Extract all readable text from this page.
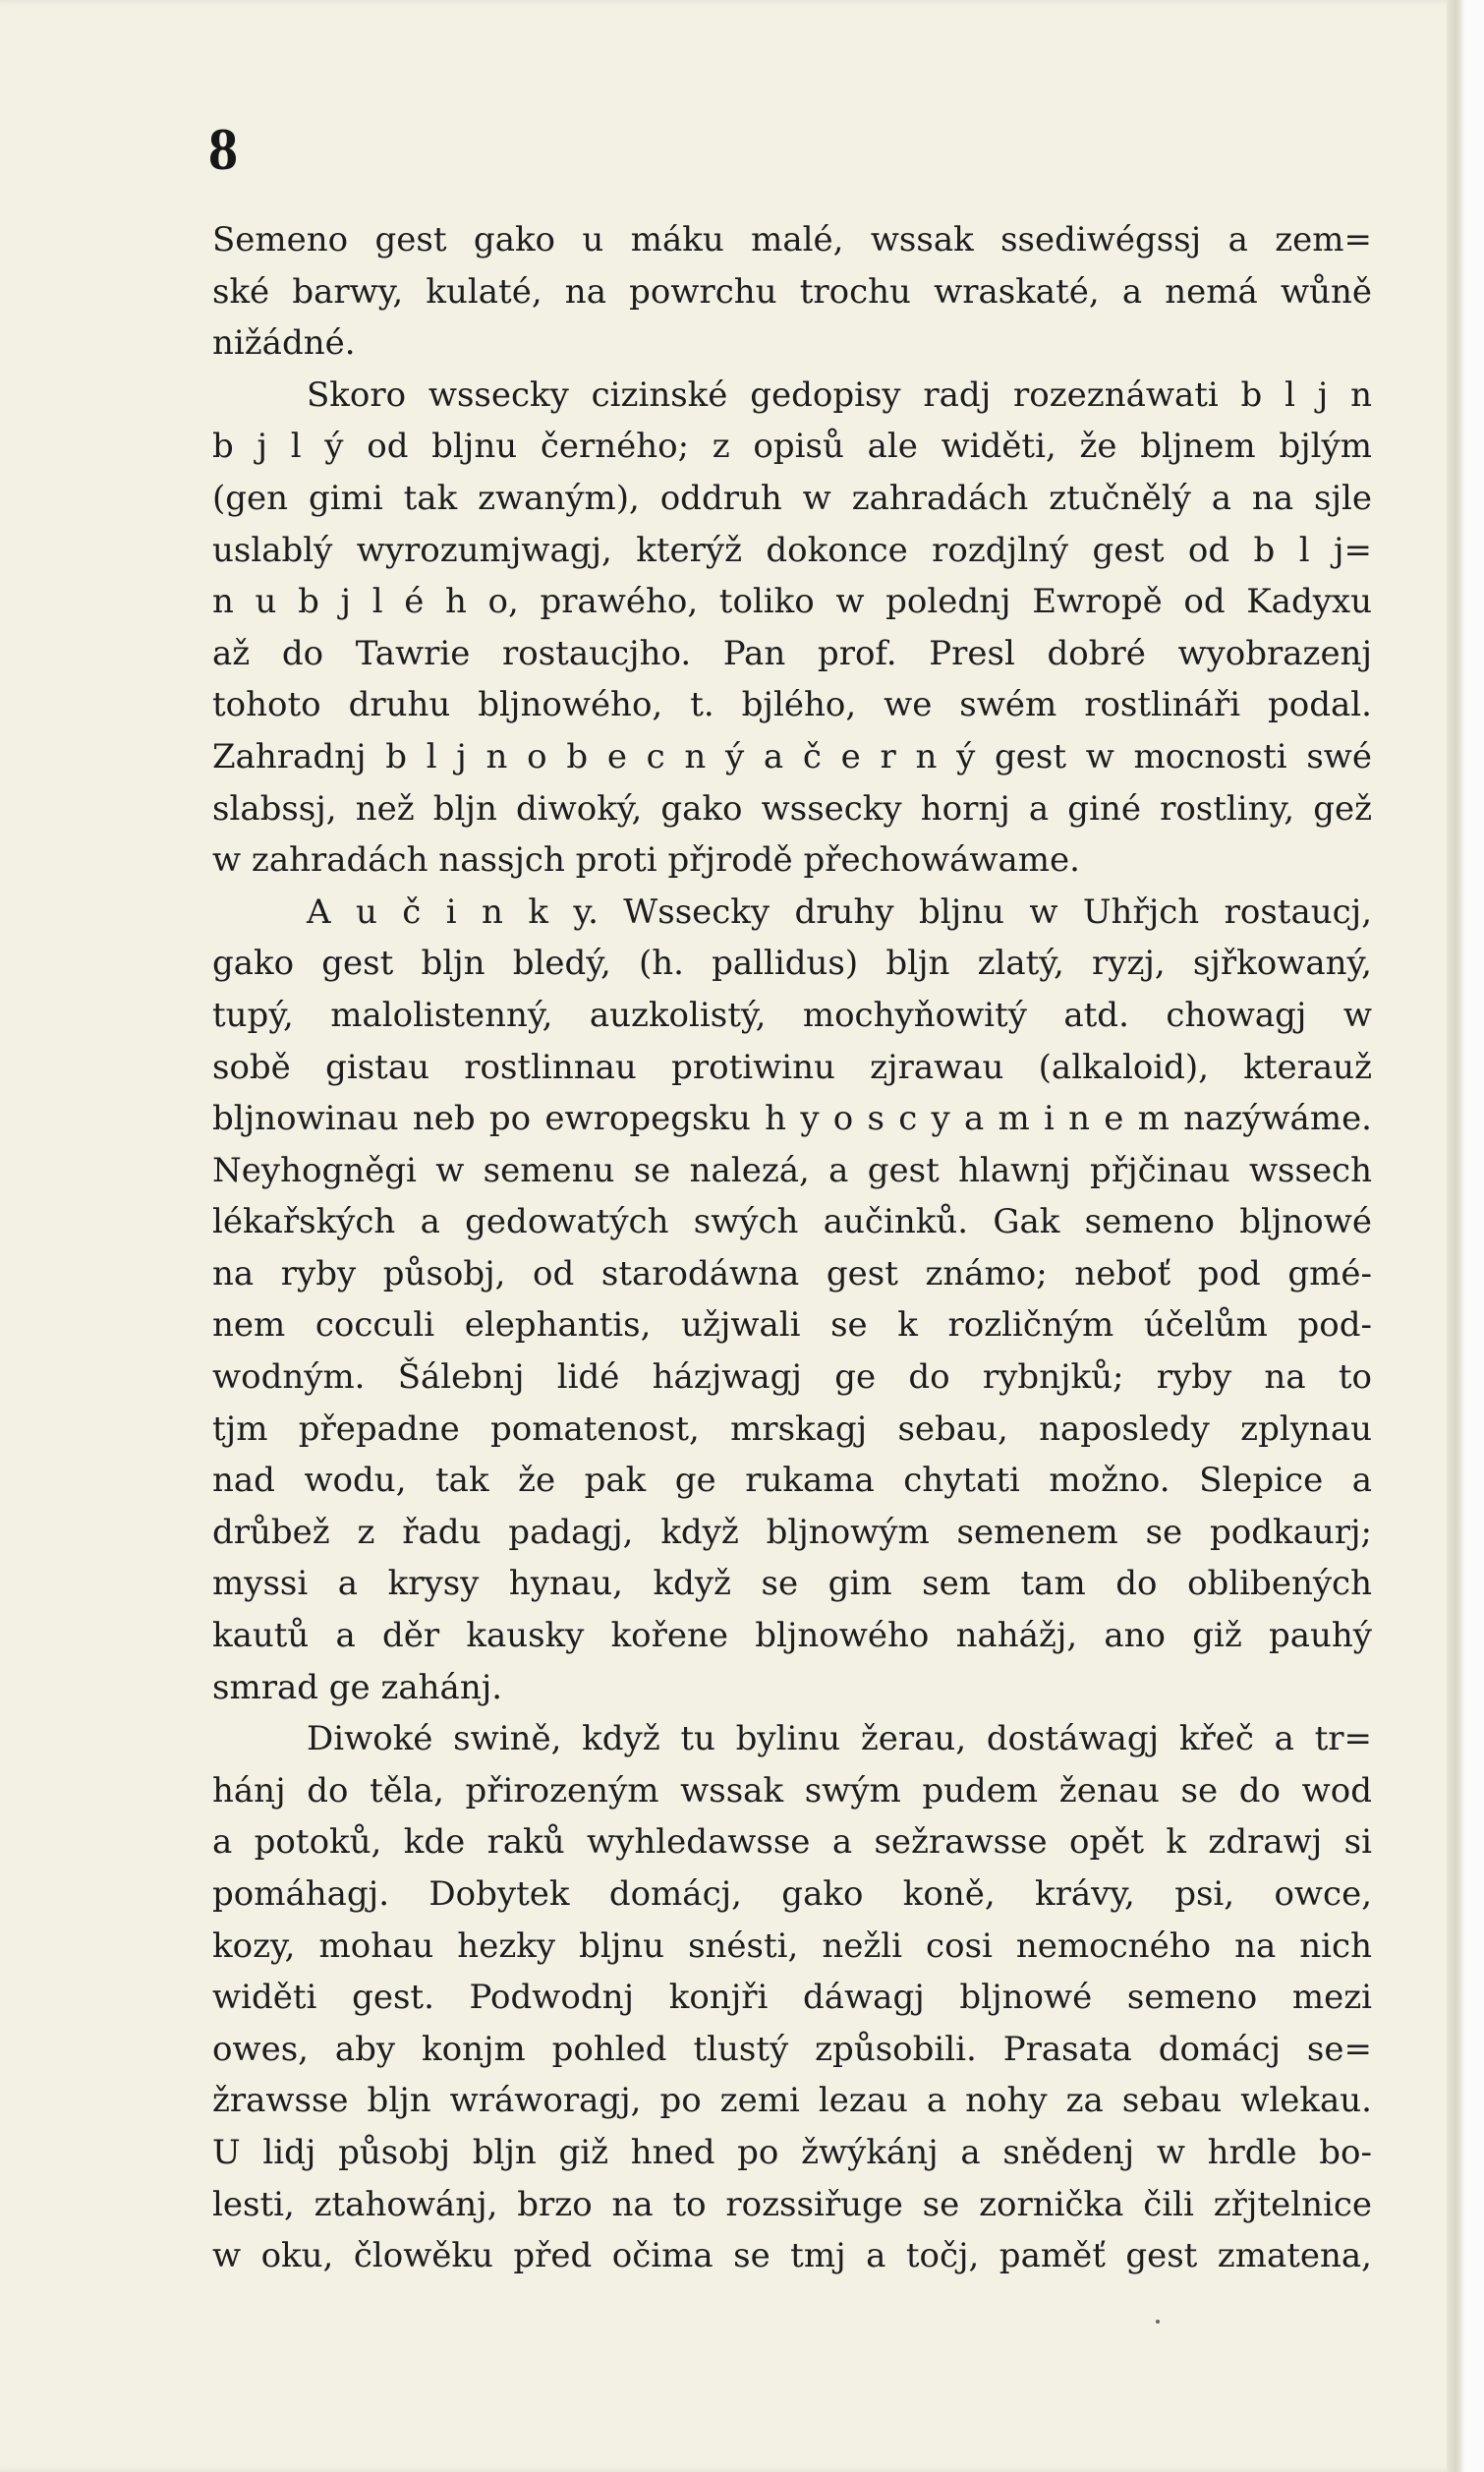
8
Semeno gest gako u máku malé, wssak ssediwégssj a zem=
ské barwy, kulaté, na powrchu trochu wraskaté, a nemá wůně
nižádné.
Skoro wssecky cizinské gedopisy radj rozeznáwati b l j n
b j l ý od bljnu černého; z opisů ale widěti, že bljnem bjlým
(gen gimi tak zwaným), oddruh w zahradách ztučnělý a na sjle
uslablý wyrozumjwagj, kterýž dokonce rozdjlný gest od b l j=
n u b j l é h o, prawého, toliko w polednj Ewropě od Kadyxu
až do Tawrie rostaucjho. Pan prof. Presl dobré wyobrazenj
tohoto druhu bljnowého, t. bjlého, we swém rostlináři podal.
Zahradnj b l j n o b e c n ý a č e r n ý gest w mocnosti swé
slabssj, než bljn diwoký, gako wssecky hornj a giné rostliny, gež
w zahradách nassjch proti přjrodě přechowáwame.
A u č i n k y. Wssecky druhy bljnu w Uhřjch rostaucj,
gako gest bljn bledý, (h. pallidus) bljn zlatý, ryzj, sjřkowaný,
tupý, malolistenný, auzkolistý, mochyňowitý atd. chowagj w
sobě gistau rostlinnau protiwinu zjrawau (alkaloid), kterauž
bljnowinau neb po ewropegsku h y o s c y a m i n e m nazýwáme.
Neyhogněgi w semenu se nalezá, a gest hlawnj přjčinau wssech
lékařských a gedowatých swých aučinků. Gak semeno bljnowé
na ryby působj, od starodáwna gest známo; neboť pod gmé-
nem cocculi elephantis, užjwali se k rozličným účelům pod-
wodným. Šálebnj lidé házjwagj ge do rybnjků; ryby na to
tjm přepadne pomatenost, mrskagj sebau, naposledy zplynau
nad wodu, tak že pak ge rukama chytati možno. Slepice a
drůbež z řadu padagj, když bljnowým semenem se podkaurj;
myssi a krysy hynau, když se gim sem tam do oblibených
kautů a děr kausky kořene bljnowého nahážj, ano giž pauhý
smrad ge zahánj.
Diwoké swině, když tu bylinu žerau, dostáwagj křeč a tr=
hánj do těla, přirozeným wssak swým pudem ženau se do wod
a potoků, kde raků wyhledawsse a sežrawsse opět k zdrawj si
pomáhagj. Dobytek domácj, gako koně, krávy, psi, owce,
kozy, mohau hezky bljnu snésti, nežli cosi nemocného na nich
widěti gest. Podwodnj konjři dáwagj bljnowé semeno mezi
owes, aby konjm pohled tlustý způsobili. Prasata domácj se=
žrawsse bljn wráworagj, po zemi lezau a nohy za sebau wlekau.
U lidj působj bljn giž hned po žwýkánj a snědenj w hrdle bo-
lesti, ztahowánj, brzo na to rozssiřuge se zornička čili zřjtelnice
w oku, člowěku před očima se tmj a točj, paměť gest zmatena,
